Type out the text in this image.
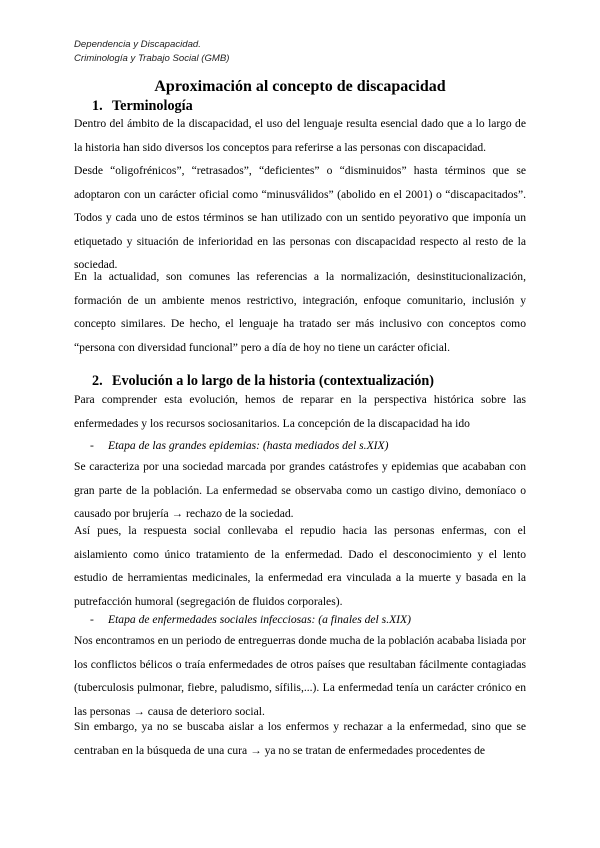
Dependencia y Discapacidad.
Criminología y Trabajo Social (GMB)
Aproximación al concepto de discapacidad
1. Terminología

Dentro del ámbito de la discapacidad, el uso del lenguaje resulta esencial dado que a lo largo de la historia han sido diversos los conceptos para referirse a las personas con discapacidad.

Desde “oligofrénicos”, “retrasados”, “deficientes” o “disminuidos” hasta términos que se adoptaron con un carácter oficial como “minusválidos” (abolido en el 2001) o “discapacitados”. Todos y cada uno de estos términos se han utilizado con un sentido peyorativo que imponía un etiquetado y situación de inferioridad en las personas con discapacidad respecto al resto de la sociedad.

En la actualidad, son comunes las referencias a la normalización, desinstitucionalización, formación de un ambiente menos restrictivo, integración, enfoque comunitario, inclusión y concepto similares. De hecho, el lenguaje ha tratado ser más inclusivo con conceptos como “persona con diversidad funcional” pero a día de hoy no tiene un carácter oficial.

2. Evolución a lo largo de la historia (contextualización)

Para comprender esta evolución, hemos de reparar en la perspectiva histórica sobre las enfermedades y los recursos sociosanitarios. La concepción de la discapacidad ha ido

- Etapa de las grandes epidemias: (hasta mediados del s.XIX)

Se caracteriza por una sociedad marcada por grandes catástrofes y epidemias que acababan con gran parte de la población. La enfermedad se observaba como un castigo divino, demoníaco o causado por brujería → rechazo de la sociedad.

Así pues, la respuesta social conllevaba el repudio hacia las personas enfermas, con el aislamiento como único tratamiento de la enfermedad. Dado el desconocimiento y el lento estudio de herramientas medicinales, la enfermedad era vinculada a la muerte y basada en la putrefacción humoral (segregación de fluidos corporales).

- Etapa de enfermedades sociales infecciosas: (a finales del s.XIX)

Nos encontramos en un periodo de entreguerras donde mucha de la población acababa lisiada por los conflictos bélicos o traía enfermedades de otros países que resultaban fácilmente contagiadas (tuberculosis pulmonar, fiebre, paludismo, sífilis,...). La enfermedad tenía un carácter crónico en las personas → causa de deterioro social.

Sin embargo, ya no se buscaba aislar a los enfermos y rechazar a la enfermedad, sino que se centraban en la búsqueda de una cura → ya no se tratan de enfermedades procedentes de
